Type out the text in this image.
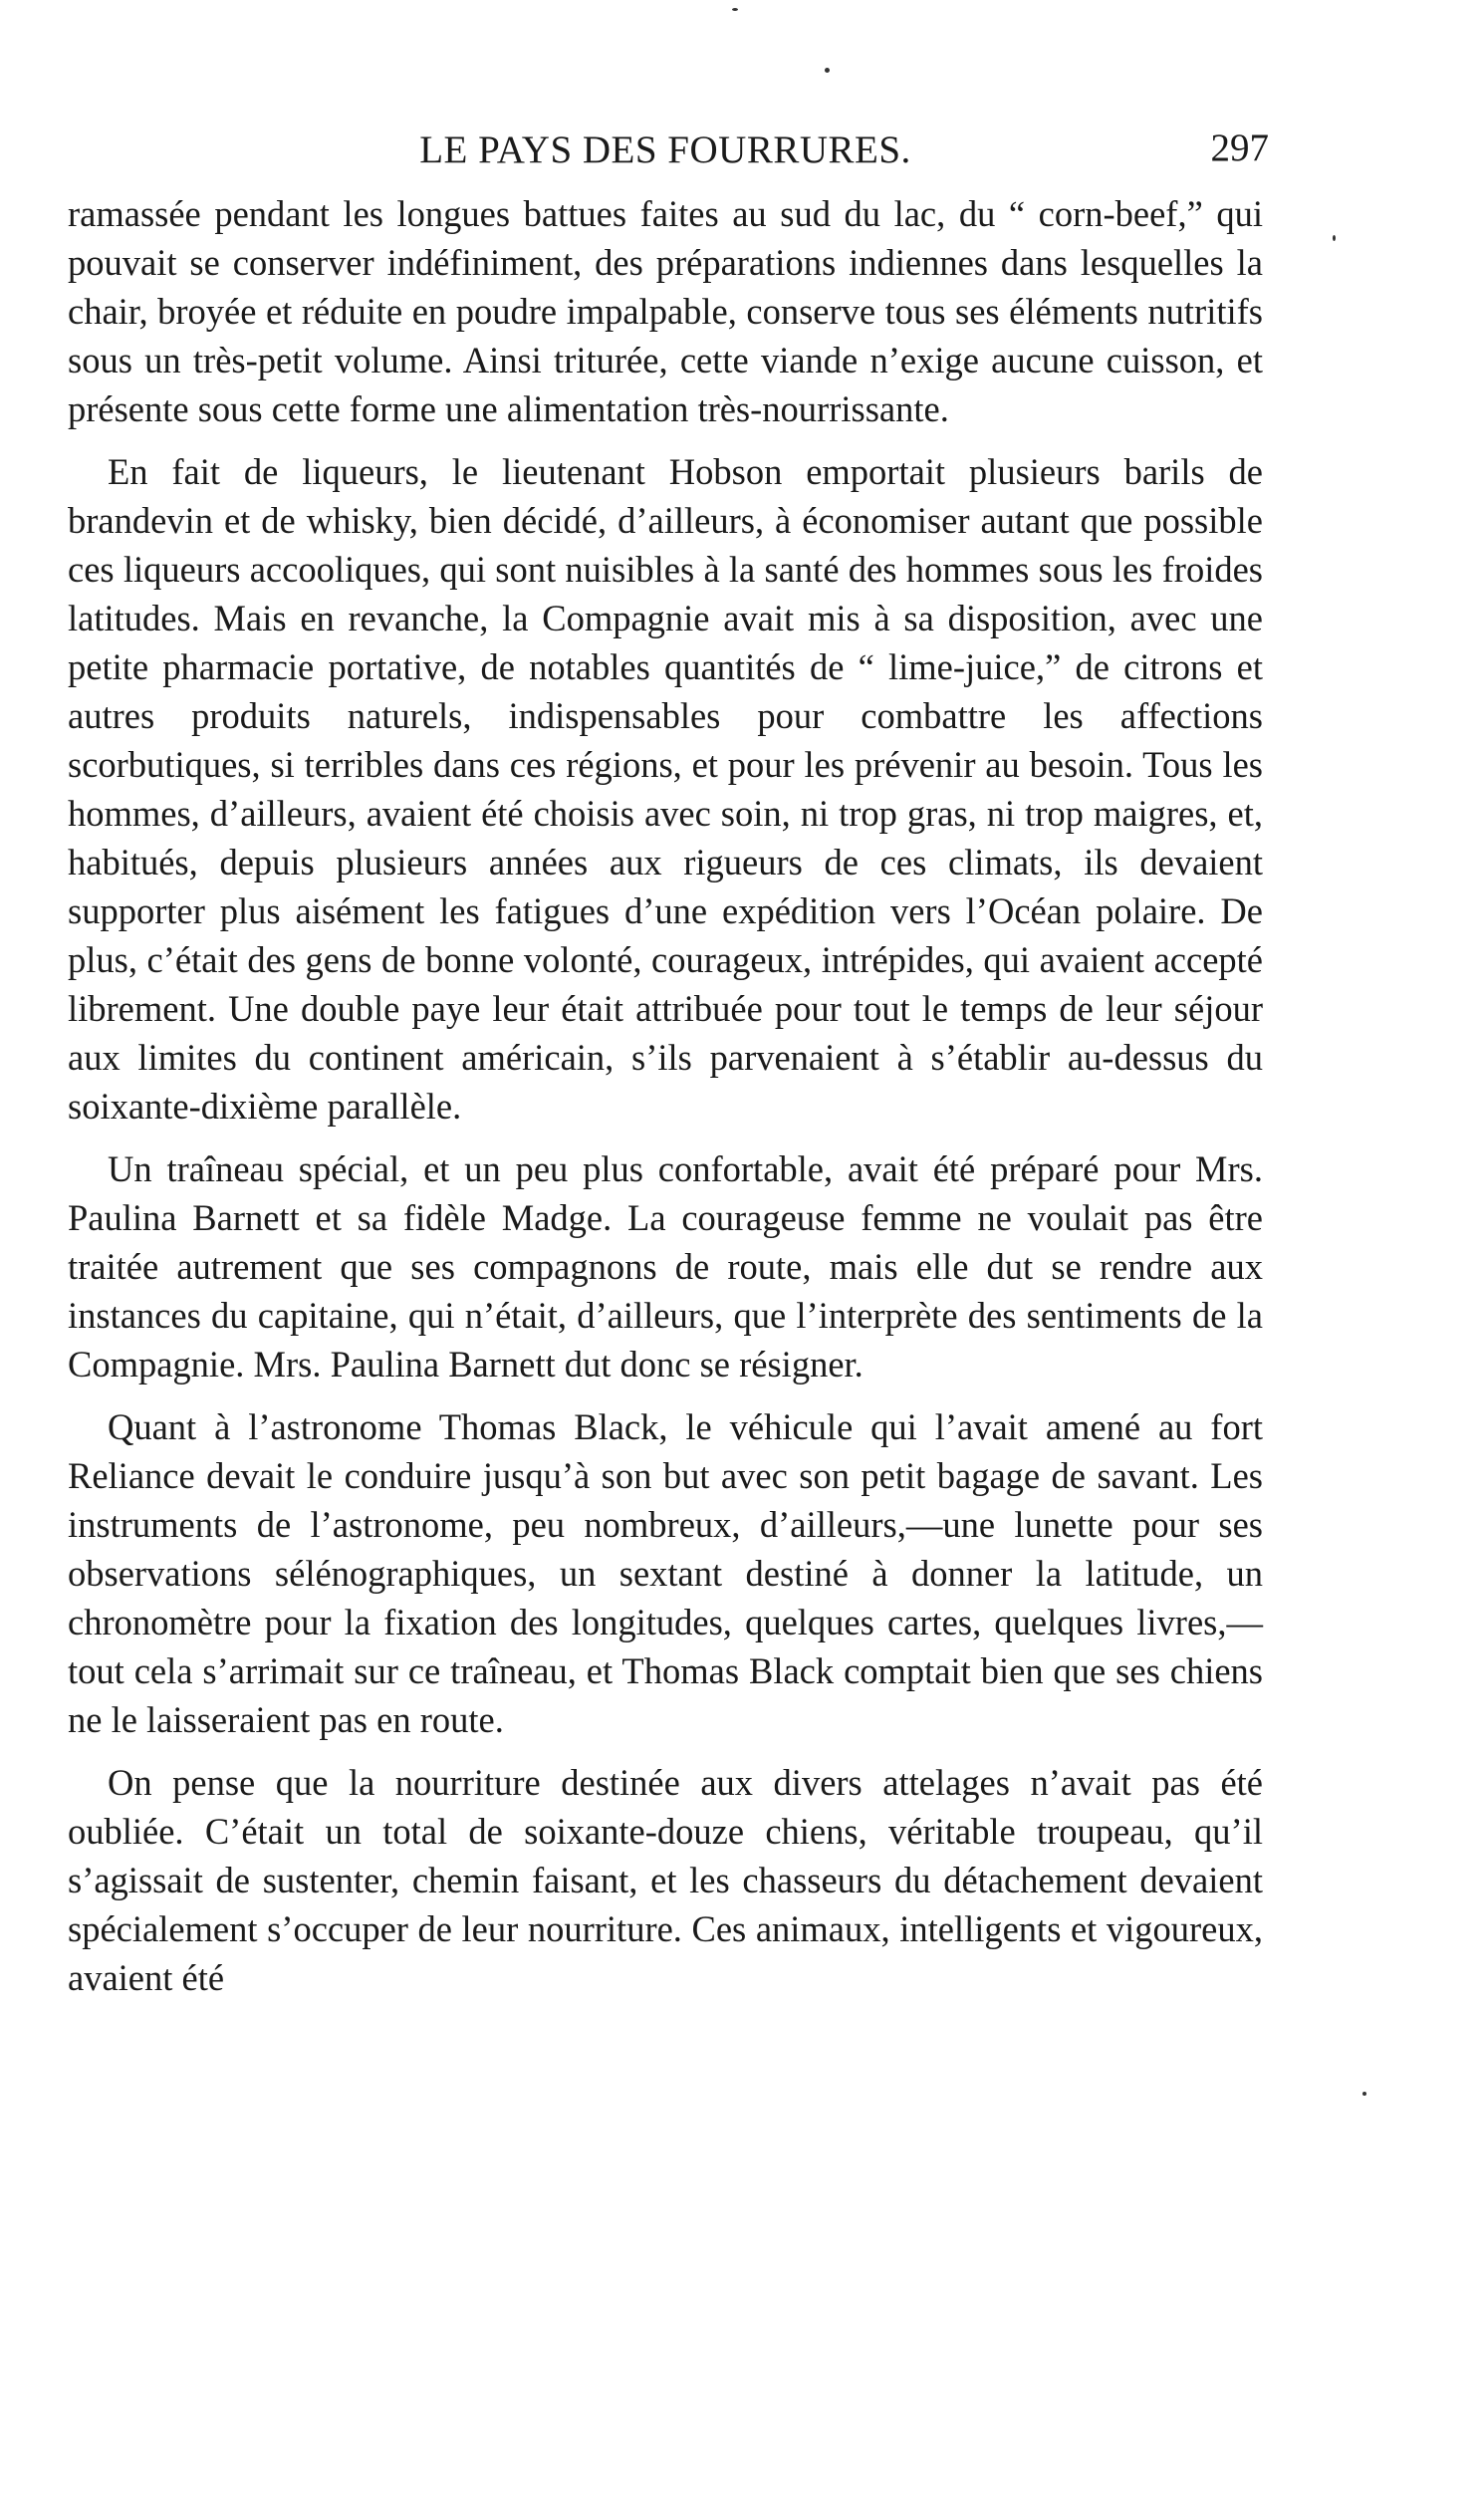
LE PAYS DES FOURRURES.	297

ramassée pendant les longues battues faites au sud du lac, du “ corn-beef,” qui pouvait se conserver indéfiniment, des préparations indiennes dans lesquelles la chair, broyée et réduite en poudre impalpable, conserve tous ses éléments nutritifs sous un très-petit volume. Ainsi triturée, cette viande n’exige aucune cuisson, et présente sous cette forme une alimentation très-nourrissante.

En fait de liqueurs, le lieutenant Hobson emportait plusieurs barils de brandevin et de whisky, bien décidé, d’ailleurs, à économiser autant que possible ces liqueurs accooliques, qui sont nuisibles à la santé des hommes sous les froides latitudes. Mais en revanche, la Compagnie avait mis à sa disposition, avec une petite pharmacie portative, de notables quantités de “ lime-juice,” de citrons et autres produits naturels, indispensables pour combattre les affections scorbutiques, si terribles dans ces régions, et pour les prévenir au besoin. Tous les hommes, d’ailleurs, avaient été choisis avec soin, ni trop gras, ni trop maigres, et, habitués, depuis plusieurs années aux rigueurs de ces climats, ils devaient supporter plus aisément les fatigues d’une expédition vers l’Océan polaire. De plus, c’était des gens de bonne volonté, courageux, intrépides, qui avaient accepté librement. Une double paye leur était attribuée pour tout le temps de leur séjour aux limites du continent américain, s’ils parvenaient à s’établir au-dessus du soixante-dixième parallèle.

Un traîneau spécial, et un peu plus confortable, avait été préparé pour Mrs. Paulina Barnett et sa fidèle Madge. La courageuse femme ne voulait pas être traitée autrement que ses compagnons de route, mais elle dut se rendre aux instances du capitaine, qui n’était, d’ailleurs, que l’interprète des sentiments de la Compagnie. Mrs. Paulina Barnett dut donc se résigner.

Quant à l’astronome Thomas Black, le véhicule qui l’avait amené au fort Reliance devait le conduire jusqu’à son but avec son petit bagage de savant. Les instruments de l’astronome, peu nombreux, d’ailleurs,—une lunette pour ses observations sélénographiques, un sextant destiné à donner la latitude, un chronomètre pour la fixation des longitudes, quelques cartes, quelques livres,—tout cela s’arrimait sur ce traîneau, et Thomas Black comptait bien que ses chiens ne le laisseraient pas en route.

On pense que la nourriture destinée aux divers attelages n’avait pas été oubliée. C’était un total de soixante-douze chiens, véritable troupeau, qu’il s’agissait de sustenter, chemin faisant, et les chasseurs du détachement devaient spécialement s’occuper de leur nourriture. Ces animaux, intelligents et vigoureux, avaient été
